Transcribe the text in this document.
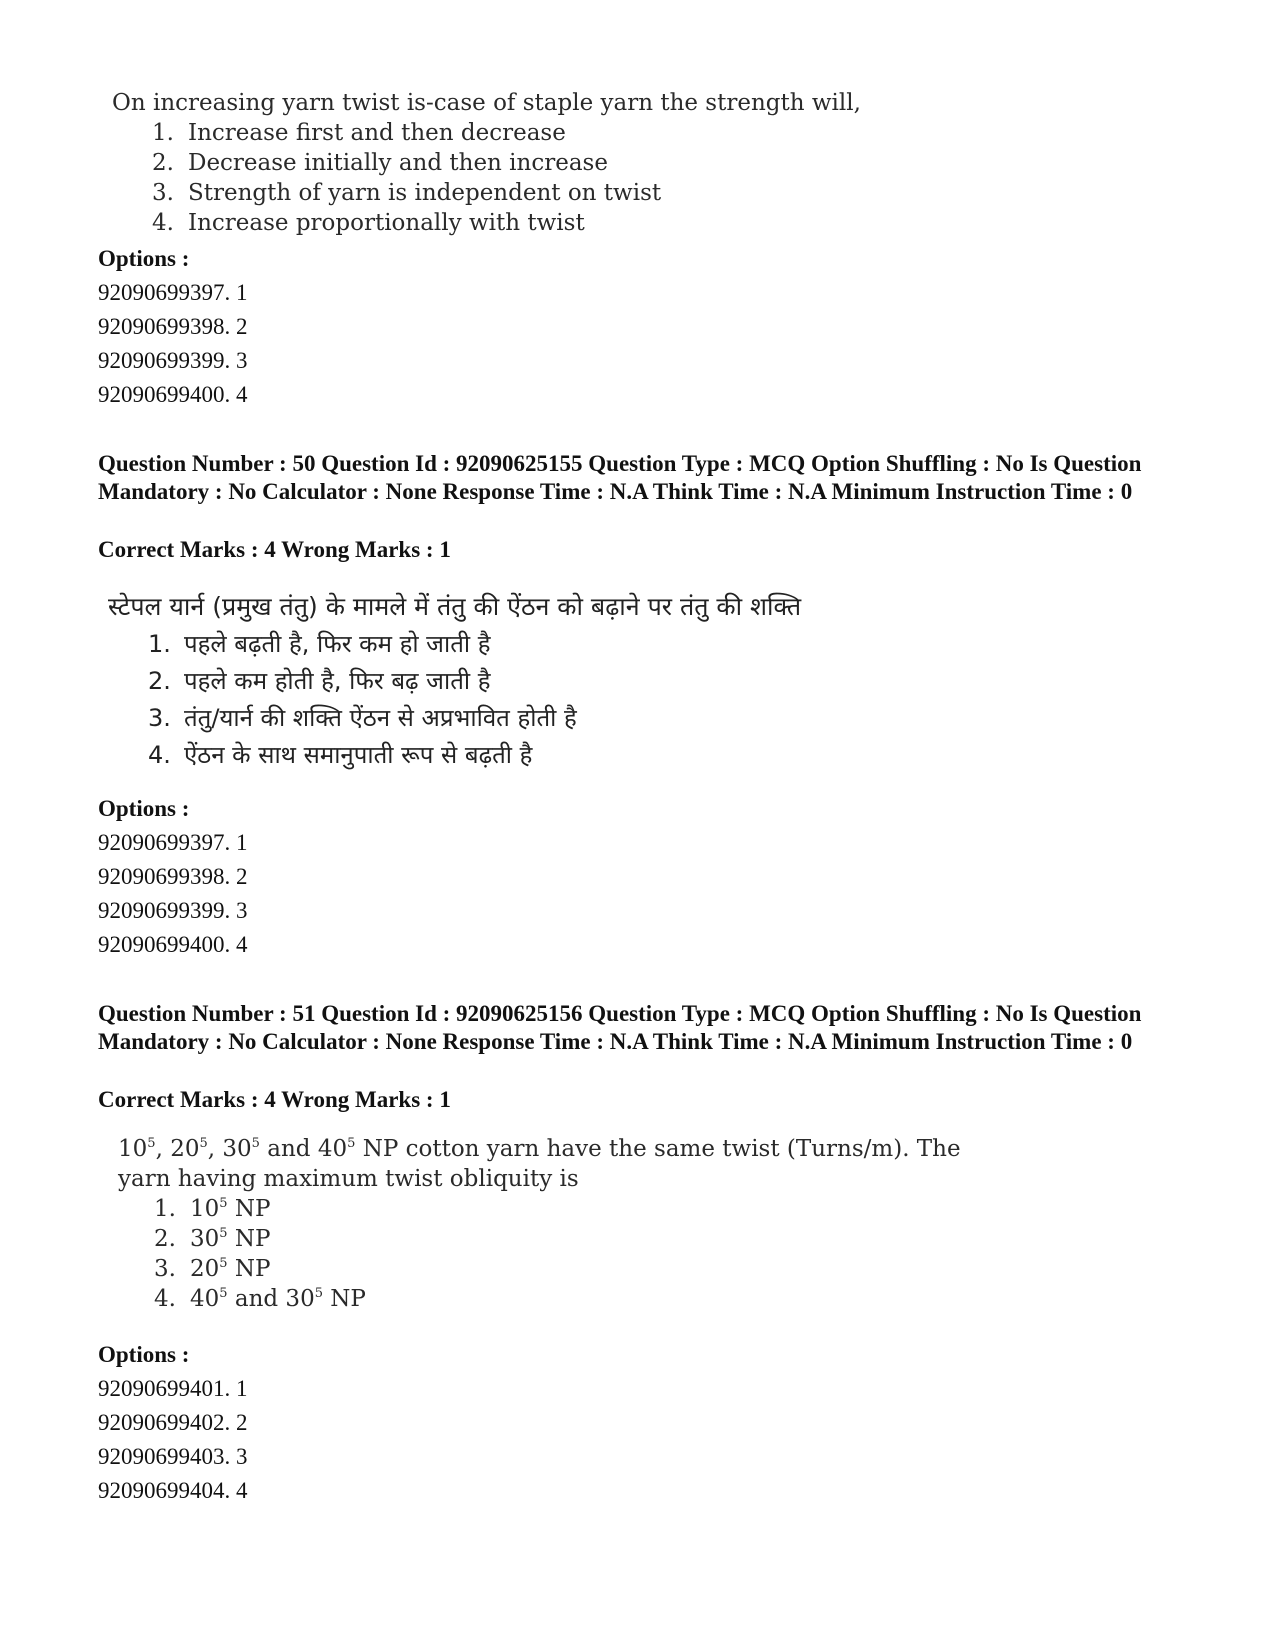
On increasing yarn twist is-case of staple yarn the strength will,

1. Increase first and then decrease
2. Decrease initially and then increase
3. Strength of yarn is independent on twist
4. Increase proportionally with twist
Options :
92090699397. 1
92090699398. 2
92090699399. 3
92090699400. 4
Question Number : 50 Question Id : 92090625155 Question Type : MCQ Option Shuffling : No Is Question Mandatory : No Calculator : None Response Time : N.A Think Time : N.A Minimum Instruction Time : 0
Correct Marks : 4 Wrong Marks : 1

स्टेपल यार्न (प्रमुख तंतु) के मामले में तंतु की ऐंठन को बढ़ाने पर तंतु की शक्ति

1. पहले बढ़ती है, फिर कम हो जाती है
2. पहले कम होती है, फिर बढ़ जाती है
3. तंतु/यार्न की शक्ति ऐंठन से अप्रभावित होती है
4. ऐंठन के साथ समानुपाती रूप से बढ़ती है
Options :
92090699397. 1
92090699398. 2
92090699399. 3
92090699400. 4
Question Number : 51 Question Id : 92090625156 Question Type : MCQ Option Shuffling : No Is Question Mandatory : No Calculator : None Response Time : N.A Think Time : N.A Minimum Instruction Time : 0
Correct Marks : 4 Wrong Marks : 1

$10^5$, $20^5$, $30^5$ and $40^5$ NP cotton yarn have the same twist (Turns/m). The
yarn having maximum twist obliquity is

1. $10^5$ NP
2. $30^5$ NP
3. $20^5$ NP
4. $40^5$ and $30^5$ NP
Options :
92090699401. 1
92090699402. 2
92090699403. 3
92090699404. 4
